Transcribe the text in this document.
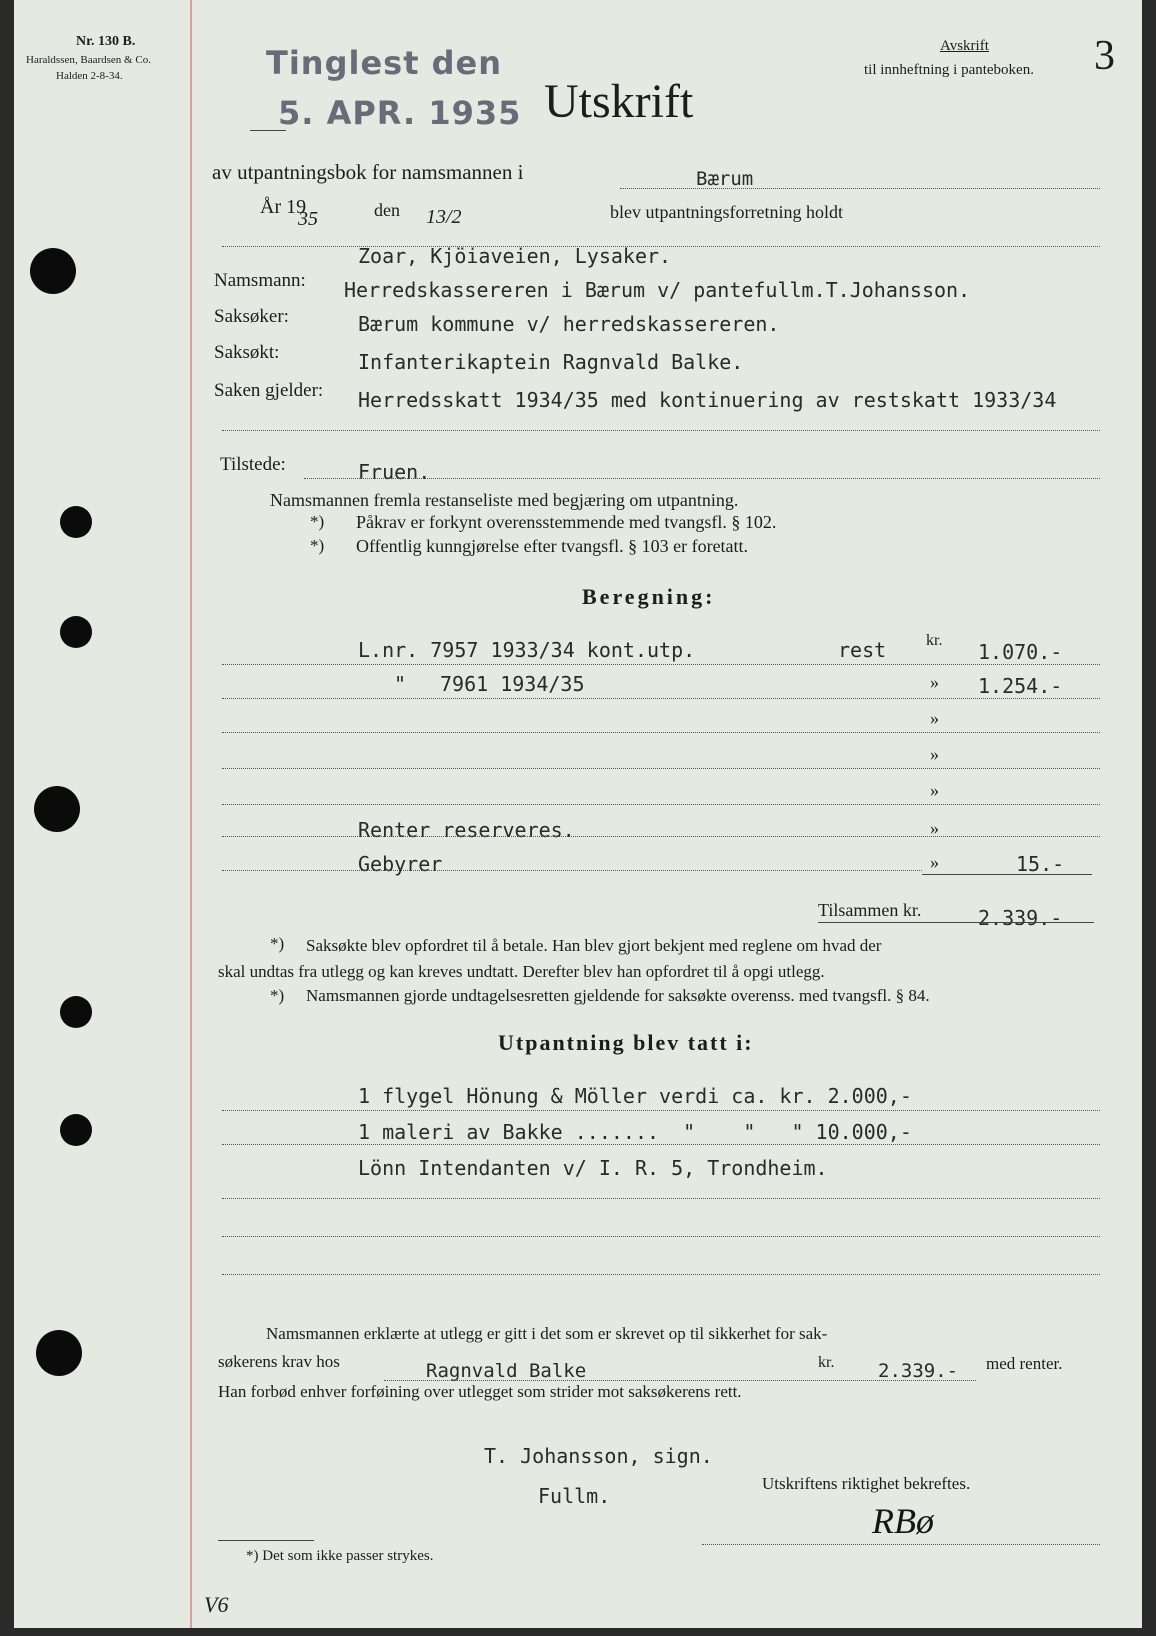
Nr. 130 B.
Haraldssen, Baardsen & Co.
Halden 2-8-34.	Tinglest den
5. APR. 1935 Utskrift
Avskrift
til innheftning i panteboken. 3
av utpantningsbok for namsmannen i	Bærum
År 19
35	den 13/2	blev utpantningsforretning holdt
Zoar, Kjöiaveien, Lysaker.
Namsmann: Herredskassereren i Bærum v/ pantefullm.T.Johansson.
Saksøker:	Bærum kommune v/ herredskassereren.
Saksøkt:	Infanterikaptein Ragnvald Balke.
Saken gjelder: Herredsskatt 1934/35 med kontinuering av restskatt 1933/34
Tilstede:	Fruen.
Namsmannen fremla restanseliste med begjæring om utpantning.
*) Påkrav er forkynt overensstemmende med tvangsfl. § 102.
*) Offentlig kunngjørelse efter tvangsfl. § 103 er foretatt.
Beregning:
L.nr. 7957 1933/34 kont.utp.	rest kr. 1.070.-
" 7961 1934/35	» 1.254.-
»
»
»
Renter reserveres.	»
Gebyrer	»	15.-
Tilsammen kr.	2.339.-
*) Saksøkte blev opfordret til å betale. Han blev gjort bekjent med reglene om hvad der
skal undtas fra utlegg og kan kreves undtatt. Derefter blev han opfordret til å opgi utlegg.
*) Namsmannen gjorde undtagelsesretten gjeldende for saksøkte overenss. med tvangsfl. § 84.
Utpantning blev tatt i:
1 flygel Hönung & Möller verdi ca. kr. 2.000,-
1 maleri av Bakke .......  "    "   " 10.000,-
Lönn Intendanten v/ I. R. 5, Trondheim.
Namsmannen erklærte at utlegg er gitt i det som er skrevet op til sikkerhet for sak-
søkerens krav hos	Ragnvald Balke	kr. 2.339.- med renter.
Han forbød enhver forføining over utlegget som strider mot saksøkerens rett.
T. Johansson, sign.
Fullm.
Utskriftens riktighet bekreftes.
RBø
*) Det som ikke passer strykes.
V6
